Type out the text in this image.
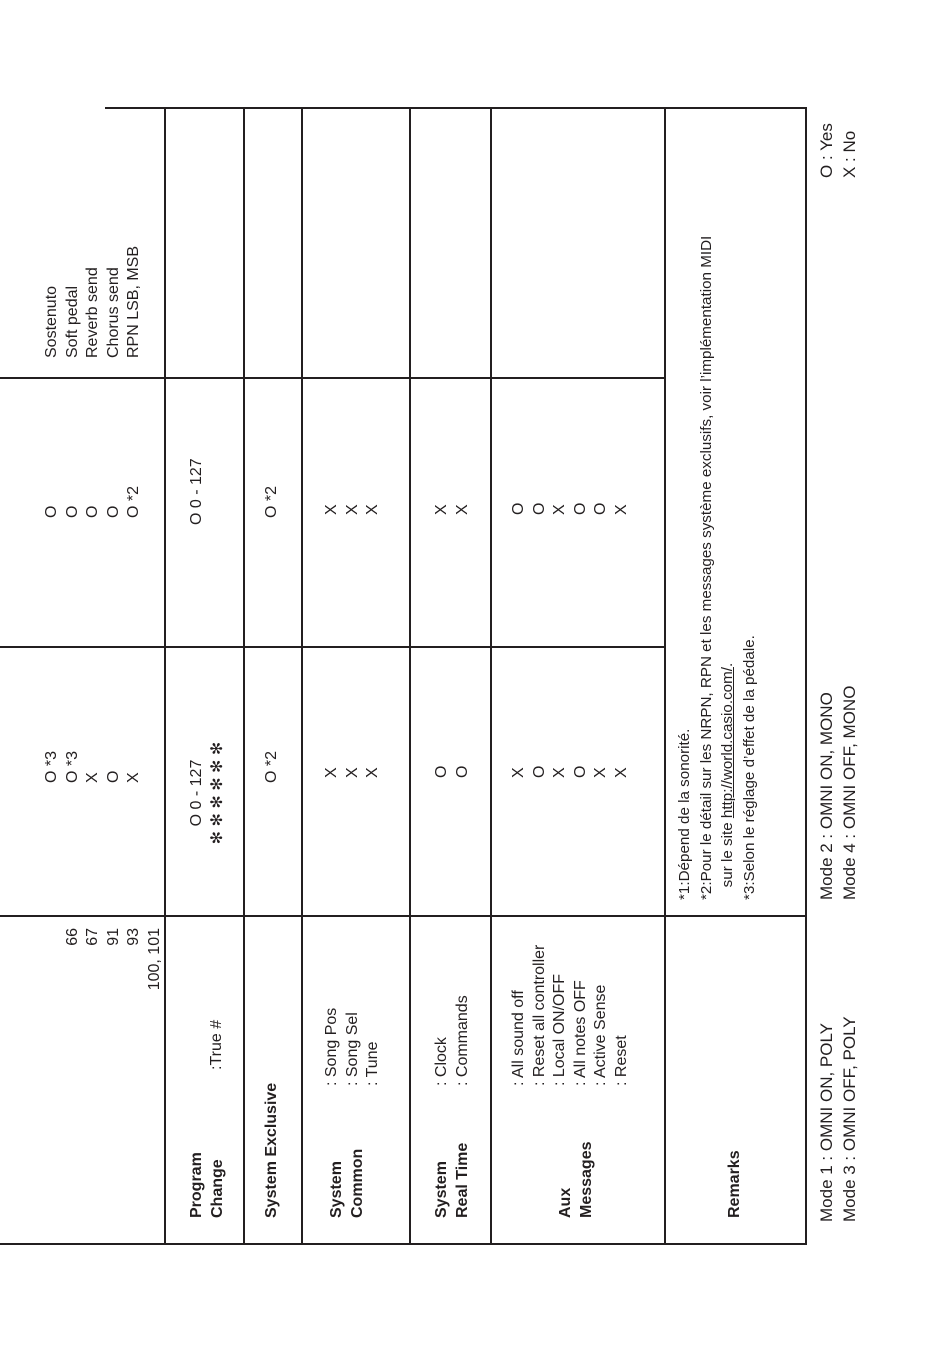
66 67 91 93 100, 101
O *3 O *3 X O X
O O O O O *2
Sostenuto Soft pedal Reverb send Chorus send RPN LSB, MSB
Program Change
:True #
O 0 - 127 ✻ ✻ ✻ ✻ ✻ ✻
O 0 - 127
System Exclusive
O *2
O *2
System Common
: Song Pos : Song Sel : Tune
X X X
X X X
System Real Time
: Clock : Commands
O O
X X
Aux Messages
: All sound off : Reset all controller : Local ON/OFF : All notes OFF : Active Sense : Reset
X O X O X X
O O X O O X
Remarks
*1:Dépend de la sonorité. *2:Pour le détail sur les NRPN, RPN et les messages système exclusifs, voir l’implémentation MIDI sur le site http://world.casio.com/. *3:Selon le réglage d’effet de la pédale.
Mode 1 : OMNI ON, POLY Mode 3 : OMNI OFF, POLY
Mode 2 : OMNI ON, MONO Mode 4 : OMNI OFF, MONO
O : Yes X : No
